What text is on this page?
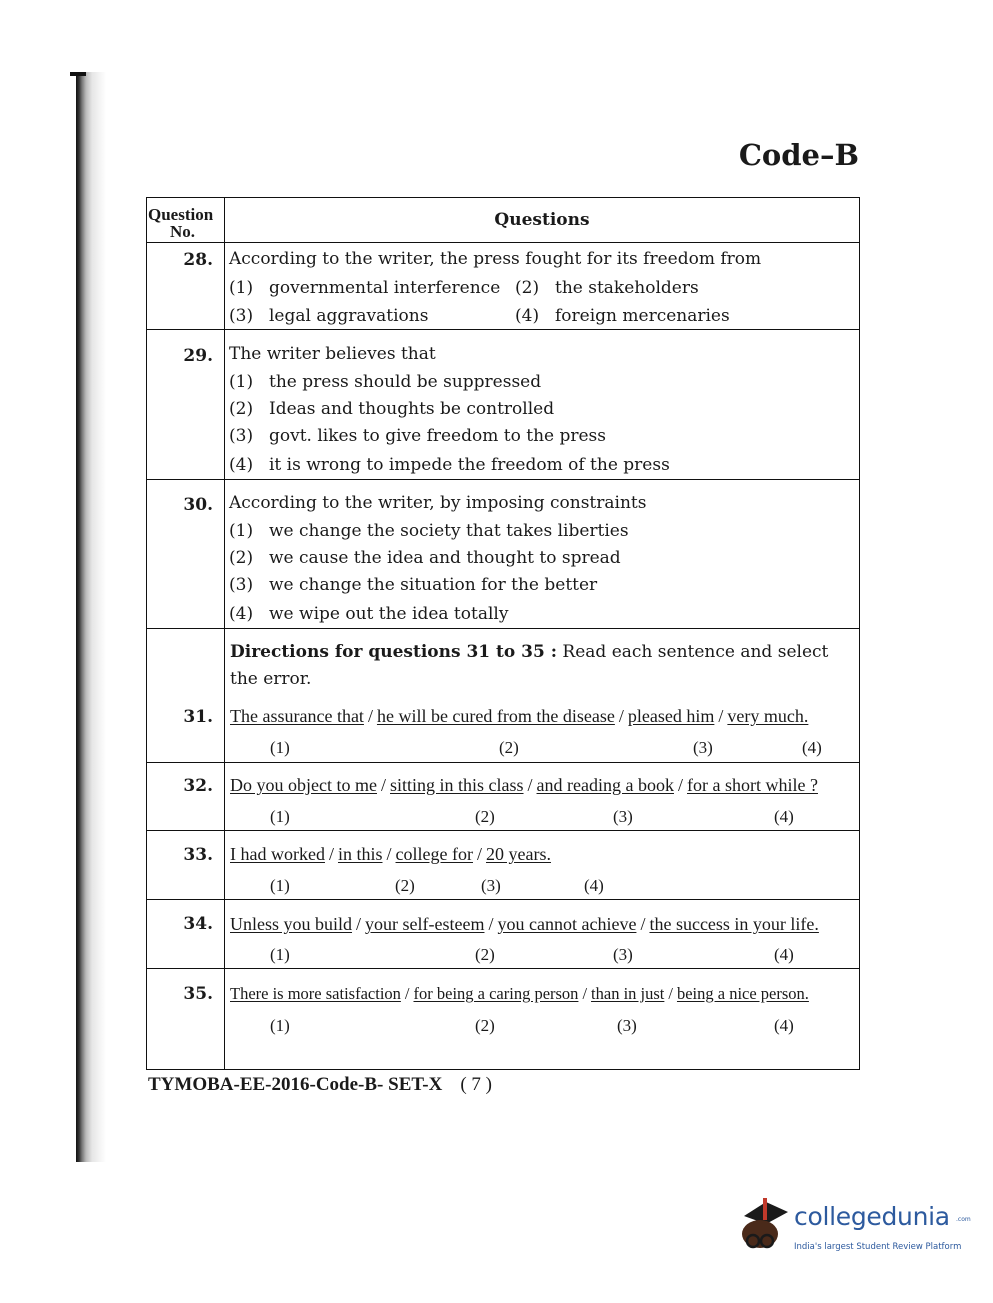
Code–B
Question
No.
Questions
28. According to the writer, the press fought for its freedom from
(1) governmental interference (2) the stakeholders
(3) legal aggravations	(4) foreign mercenaries
29. The writer believes that
(1) the press should be suppressed
(2) Ideas and thoughts be controlled
(3) govt. likes to give freedom to the press
(4) it is wrong to impede the freedom of the press
30. According to the writer, by imposing constraints
(1) we change the society that takes liberties
(2) we cause the idea and thought to spread
(3) we change the situation for the better
(4) we wipe out the idea totally
Directions for questions 31 to 35 : Read each sentence and select the error.
31. The assurance that / he will be cured from the disease / pleased him / very much.
(1)	(2)	(3)	(4)
32. Do you object to me / sitting in this class / and reading a book / for a short while ?
(1)	(2)	(3)	(4)
33. I had worked / in this / college for / 20 years.
(1)	(2)	(3)	(4)
34. Unless you build / your self-esteem / you cannot achieve / the success in your life.
(1)	(2)	(3)	(4)
35. There is more satisfaction / for being a caring person / than in just / being a nice person.
(1)	(2)	(3)	(4)
TYMOBA-EE-2016-Code-B- SET-X ( 7 )
collegedunia .com
India's largest Student Review Platform
